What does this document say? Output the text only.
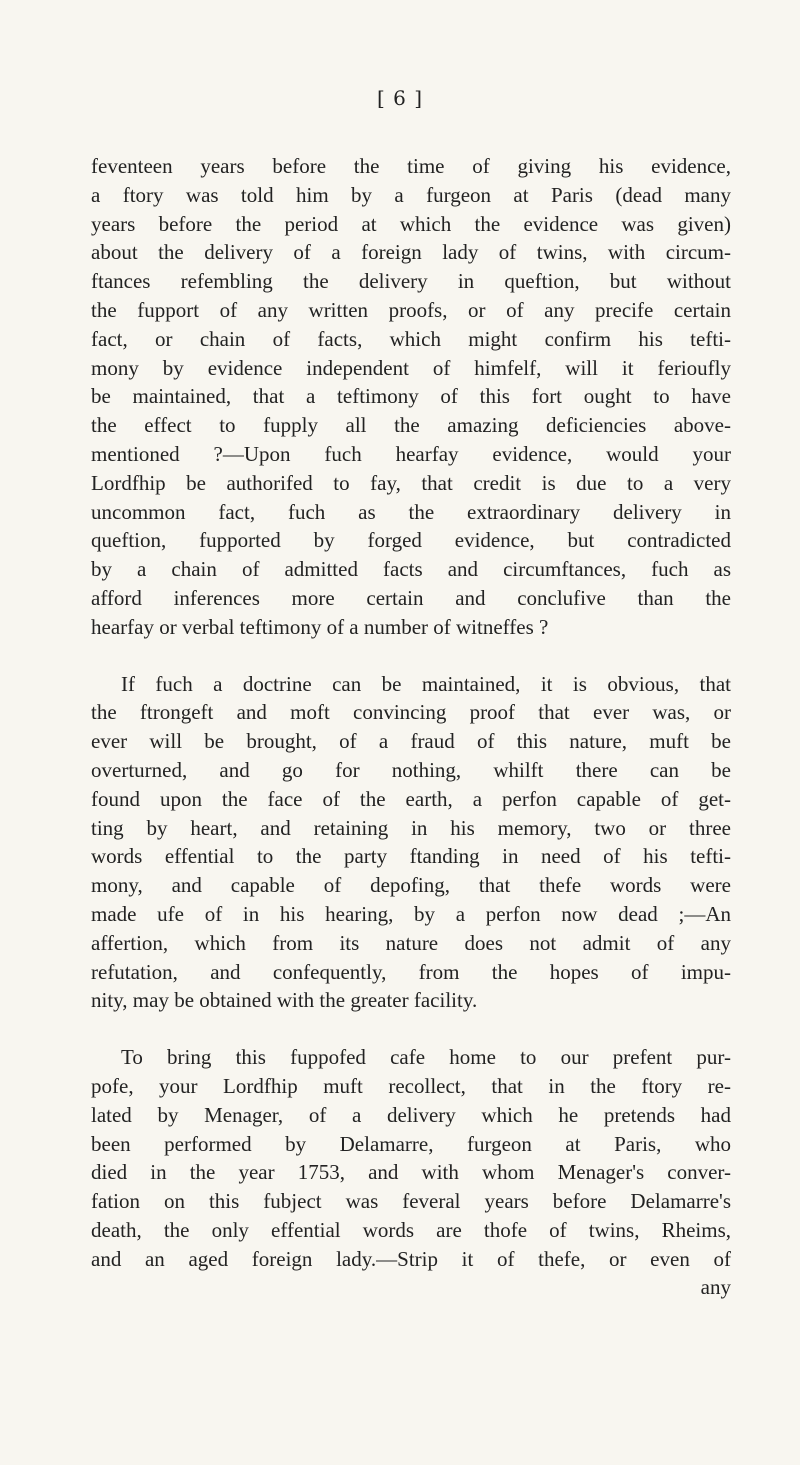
[ 6 ]
feventeen years before the time of giving his evidence,
a ftory was told him by a furgeon at Paris (dead many
years before the period at which the evidence was given)
about the delivery of a foreign lady of twins, with circum-
ftances refembling the delivery in queftion, but without
the fupport of any written proofs, or of any precife certain
fact, or chain of facts, which might confirm his tefti-
mony by evidence independent of himfelf, will it ferioufly
be maintained, that a teftimony of this fort ought to have
the effect to fupply all the amazing deficiencies above-
mentioned ?—Upon fuch hearfay evidence, would your
Lordfhip be authorifed to fay, that credit is due to a very
uncommon fact, fuch as the extraordinary delivery in
queftion, fupported by forged evidence, but contradicted
by a chain of admitted facts and circumftances, fuch as
afford inferences more certain and conclufive than the
hearfay or verbal teftimony of a number of witneffes ?
If fuch a doctrine can be maintained, it is obvious, that
the ftrongeft and moft convincing proof that ever was, or
ever will be brought, of a fraud of this nature, muft be
overturned, and go for nothing, whilft there can be
found upon the face of the earth, a perfon capable of get-
ting by heart, and retaining in his memory, two or three
words effential to the party ftanding in need of his tefti-
mony, and capable of depofing, that thefe words were
made ufe of in his hearing, by a perfon now dead ;—An
affertion, which from its nature does not admit of any
refutation, and confequently, from the hopes of impu-
nity, may be obtained with the greater facility.
To bring this fuppofed cafe home to our prefent pur-
pofe, your Lordfhip muft recollect, that in the ftory re-
lated by Menager, of a delivery which he pretends had
been performed by Delamarre, furgeon at Paris, who
died in the year 1753, and with whom Menager's conver-
fation on this fubject was feveral years before Delamarre's
death, the only effential words are thofe of twins, Rheims,
and an aged foreign lady.—Strip it of thefe, or even of
any
